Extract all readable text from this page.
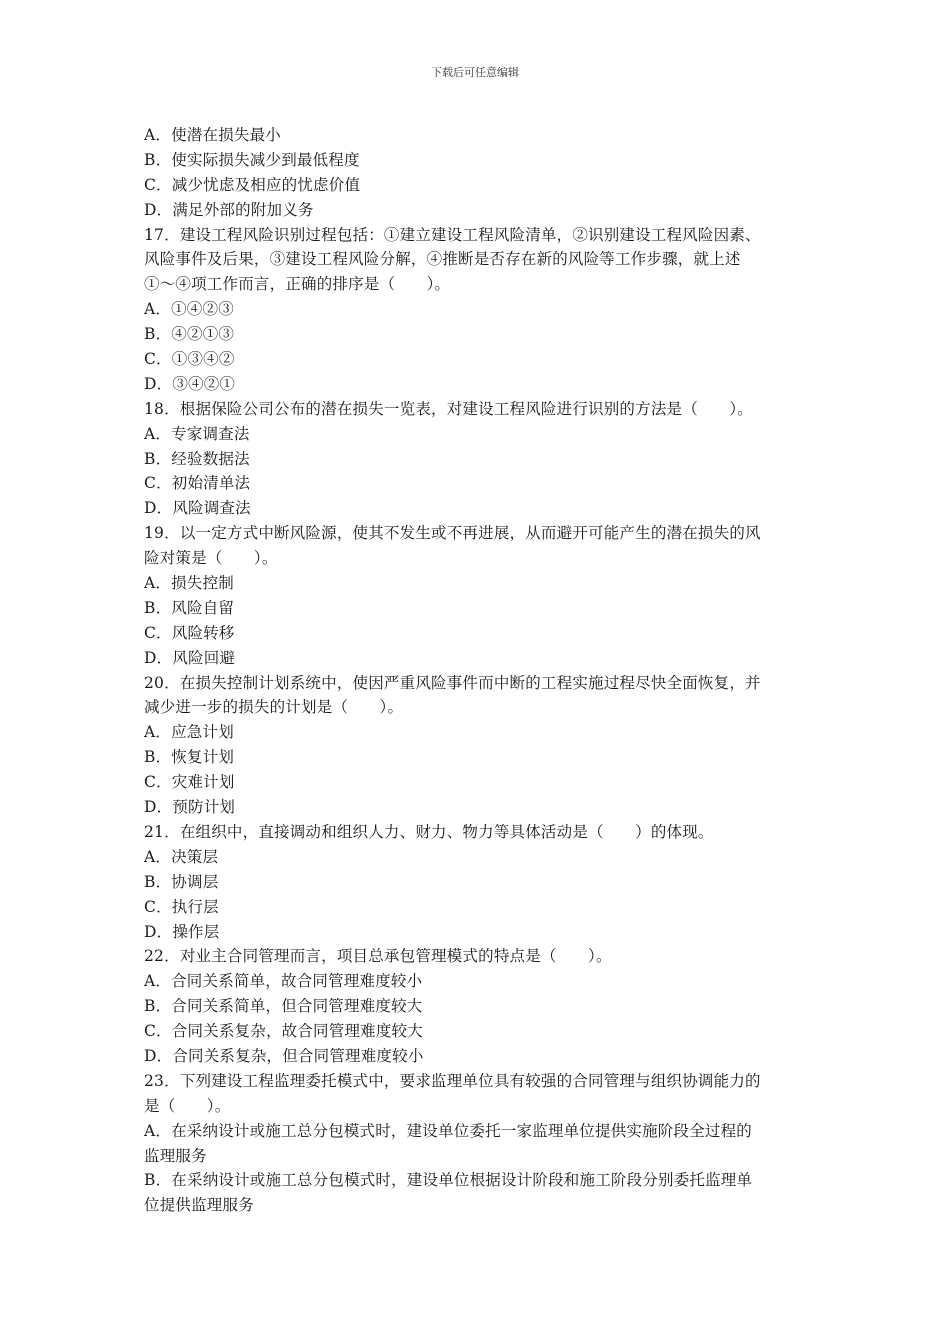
下载后可任意编辑
A．使潜在损失最小
B．使实际损失减少到最低程度
C．减少忧虑及相应的忧虑价值
D．满足外部的附加义务
17．建设工程风险识别过程包括：①建立建设工程风险清单，②识别建设工程风险因素、
风险事件及后果，③建设工程风险分解，④推断是否存在新的风险等工作步骤，就上述
①～④项工作而言，正确的排序是（　　）。
A．①④②③
B．④②①③
C．①③④②
D．③④②①
18．根据保险公司公布的潜在损失一览表，对建设工程风险进行识别的方法是（　　）。
A．专家调查法
B．经验数据法
C．初始清单法
D．风险调查法
19．以一定方式中断风险源，使其不发生或不再进展，从而避开可能产生的潜在损失的风
险对策是（　　）。
A．损失控制
B．风险自留
C．风险转移
D．风险回避
20．在损失控制计划系统中，使因严重风险事件而中断的工程实施过程尽快全面恢复，并
减少进一步的损失的计划是（　　）。
A．应急计划
B．恢复计划
C．灾难计划
D．预防计划
21．在组织中，直接调动和组织人力、财力、物力等具体活动是（　　）的体现。
A．决策层
B．协调层
C．执行层
D．操作层
22．对业主合同管理而言，项目总承包管理模式的特点是（　　）。
A．合同关系简单，故合同管理难度较小
B．合同关系简单，但合同管理难度较大
C．合同关系复杂，故合同管理难度较大
D．合同关系复杂，但合同管理难度较小
23．下列建设工程监理委托模式中，要求监理单位具有较强的合同管理与组织协调能力的
是（　　）。
A．在采纳设计或施工总分包模式时，建设单位委托一家监理单位提供实施阶段全过程的
监理服务
B．在采纳设计或施工总分包模式时，建设单位根据设计阶段和施工阶段分别委托监理单
位提供监理服务
